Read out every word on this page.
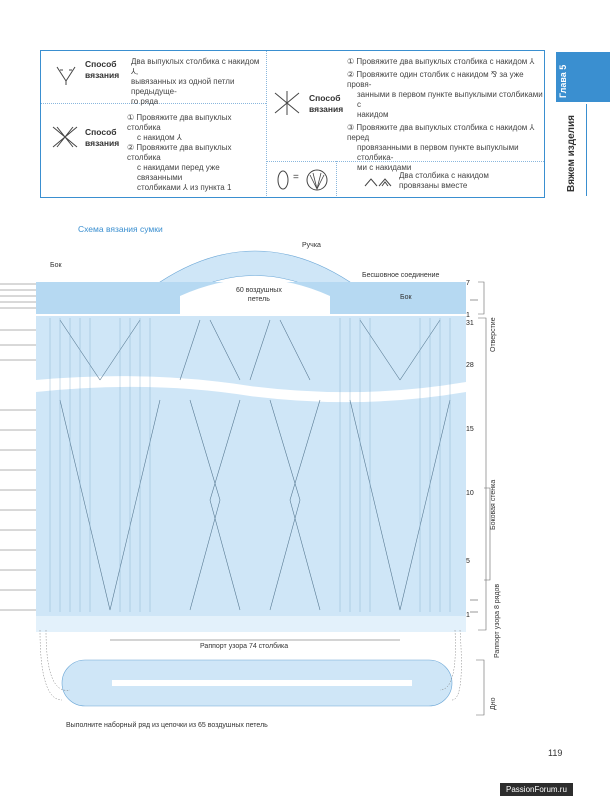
Глава 5
Вяжем изделия
Способ
вязания
Два выпуклых столбика с накидом ⅄,
вывязанных из одной петли предыдуще-
го ряда
Способ
вязания
① Провяжите два выпуклых столбика
с накидом ⅄
② Провяжите два выпуклых столбика
с накидами перед уже связанными
столбиками ⅄ из пункта 1
Способ
вязания
① Провяжите два выпуклых столбика с накидом ⅄
② Провяжите один столбик с накидом ⅋ за уже провя-
занными в первом пункте выпуклыми столбиками с
накидом
③ Провяжите два выпуклых столбика с накидом ⅄ перед
провязанными в первом пункте выпуклыми столбика-
ми с накидами
=	Два столбика с накидом
провязаны вместе
Схема вязания сумки
Бок
Ручка
60 воздушных
петель
Бесшовное соединение
Бок
Раппорт узора 74 столбика
Выполните наборный ряд из цепочки из 65 воздушных петель
7
1
31
28
15
10
5
1
Отверстие
Боковая стенка
Раппорт узора 8 рядов
Дно
119
PassionForum.ru
